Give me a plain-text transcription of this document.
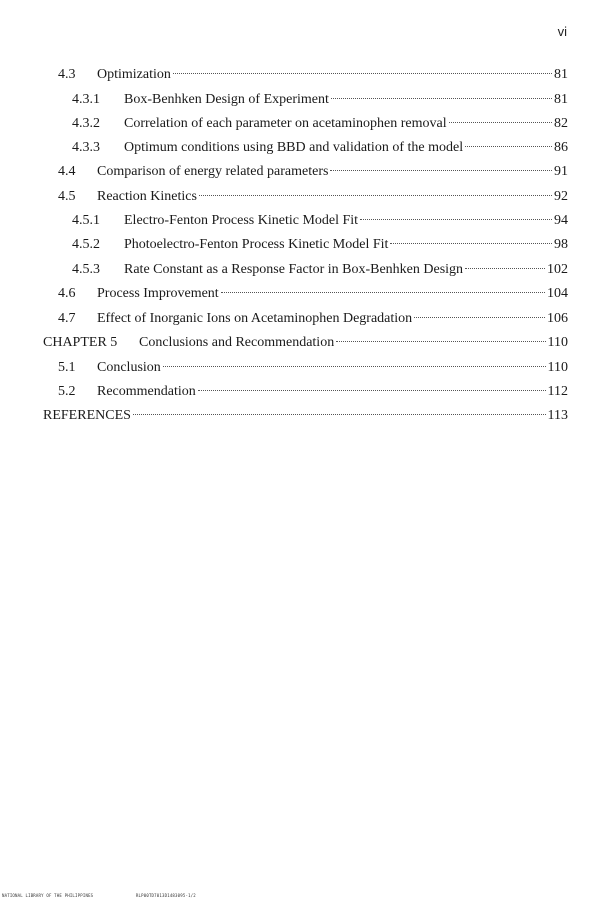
vi
4.3	Optimization	81
4.3.1	Box-Benhken Design of Experiment	81
4.3.2	Correlation of each parameter on acetaminophen removal	82
4.3.3	Optimum conditions using BBD and validation of the model	86
4.4	Comparison of energy related parameters	91
4.5	Reaction Kinetics	92
4.5.1	Electro-Fenton Process Kinetic Model Fit	94
4.5.2	Photoelectro-Fenton Process Kinetic Model Fit	98
4.5.3	Rate Constant as a Response Factor in Box-Benhken Design	102
4.6	Process Improvement	104
4.7	Effect of Inorganic Ions on Acetaminophen Degradation	106
CHAPTER 5	Conclusions and Recommendation	110
5.1	Conclusion	110
5.2	Recommendation	112
REFERENCES	113
NATIONAL LIBRARY OF THE PHILIPPINES	RLP00TD7013D1483095-1/2
